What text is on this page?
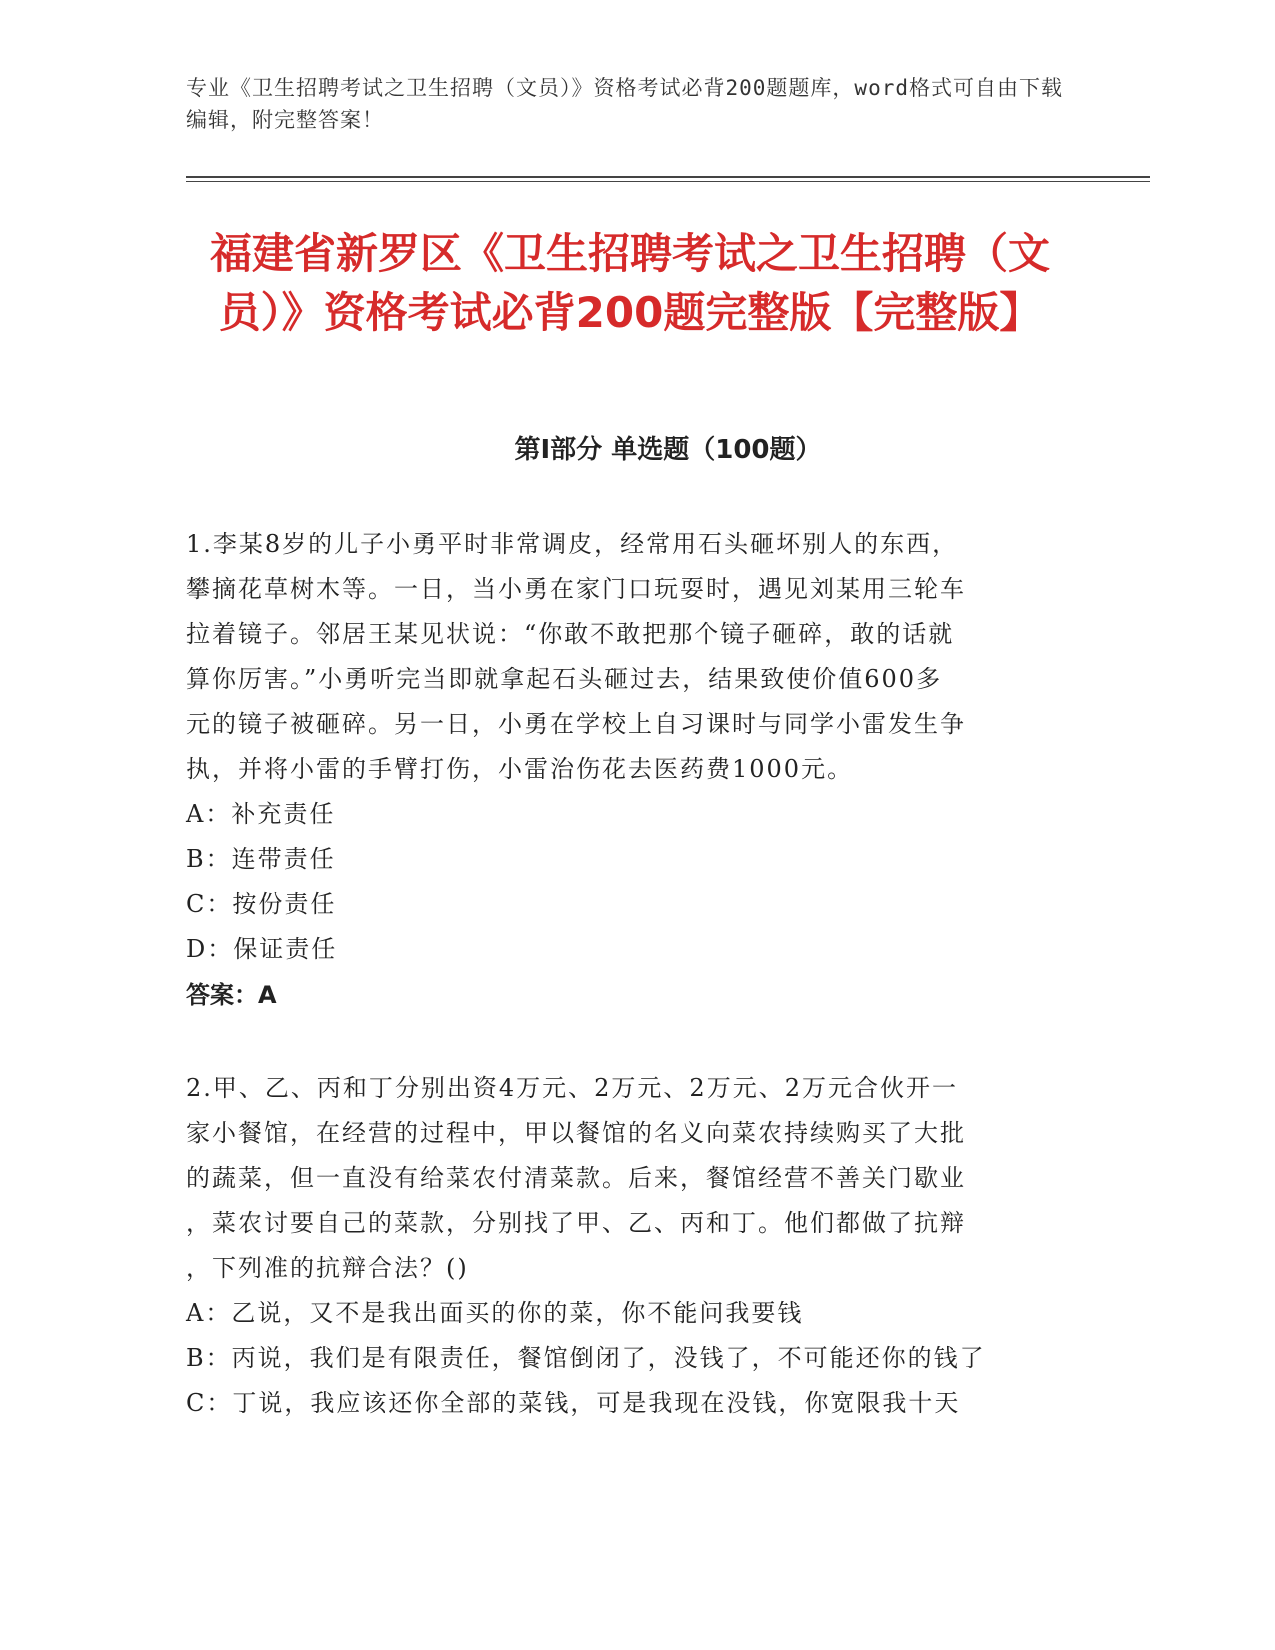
专业《卫生招聘考试之卫生招聘（文员）》资格考试必背200题题库，word格式可自由下载编辑，附完整答案！
福建省新罗区《卫生招聘考试之卫生招聘（文员）》资格考试必背200题完整版【完整版】
第Ⅰ部分 单选题（100题）

1.李某8岁的儿子小勇平时非常调皮，经常用石头砸坏别人的东西，
攀摘花草树木等。一日，当小勇在家门口玩耍时，遇见刘某用三轮车
拉着镜子。邻居王某见状说：“你敢不敢把那个镜子砸碎，敢的话就
算你厉害。”小勇听完当即就拿起石头砸过去，结果致使价值600多
元的镜子被砸碎。另一日，小勇在学校上自习课时与同学小雷发生争
执，并将小雷的手臂打伤，小雷治伤花去医药费1000元。

A：补充责任

B：连带责任

C：按份责任

D：保证责任

答案：A

2.甲、乙、丙和丁分别出资4万元、2万元、2万元、2万元合伙开一
家小餐馆，在经营的过程中，甲以餐馆的名义向菜农持续购买了大批
的蔬菜，但一直没有给菜农付清菜款。后来，餐馆经营不善关门歇业
，菜农讨要自己的菜款，分别找了甲、乙、丙和丁。他们都做了抗辩
，下列准的抗辩合法？()

A：乙说，又不是我出面买的你的菜，你不能问我要钱

B：丙说，我们是有限责任，餐馆倒闭了，没钱了，不可能还你的钱了

C：丁说，我应该还你全部的菜钱，可是我现在没钱，你宽限我十天
